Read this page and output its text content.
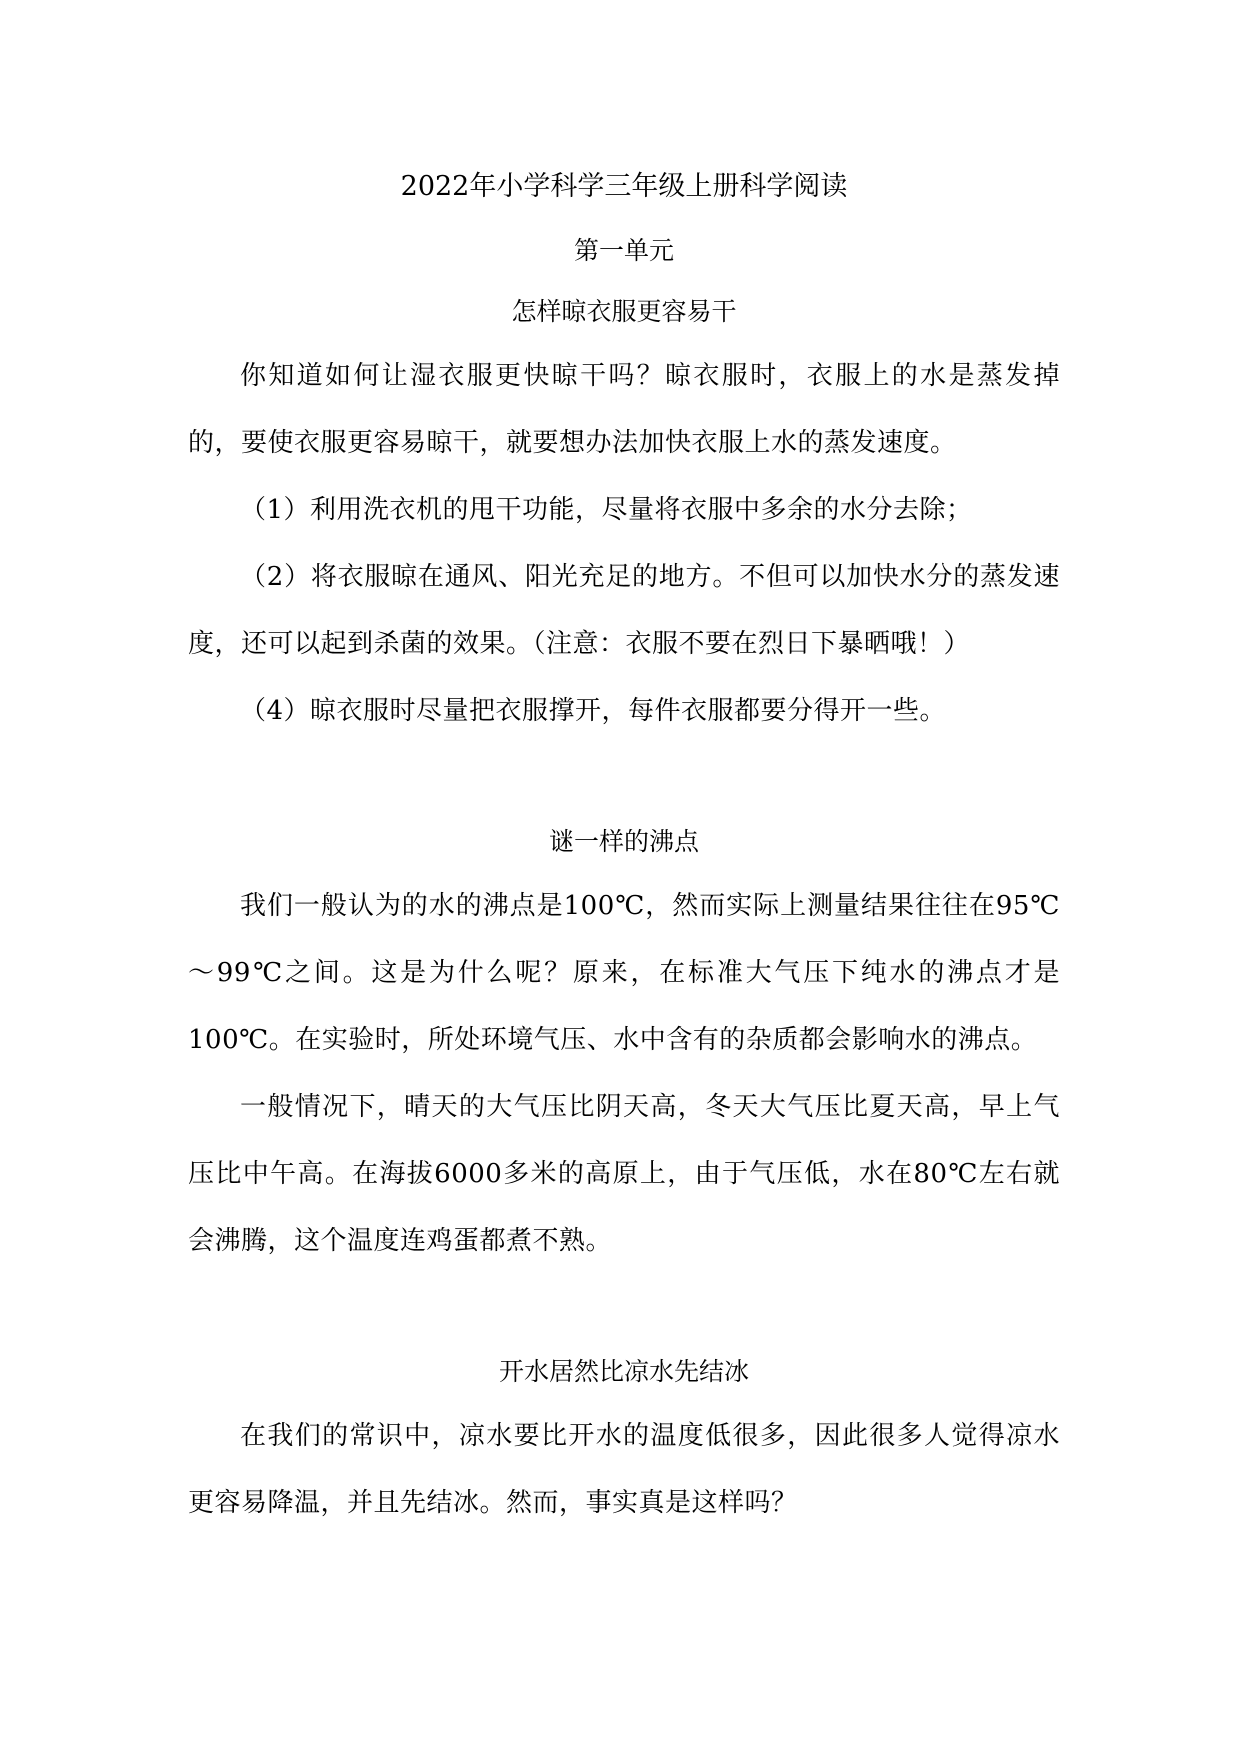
2022年小学科学三年级上册科学阅读
第一单元
怎样晾衣服更容易干

你知道如何让湿衣服更快晾干吗？晾衣服时，衣服上的水是蒸发掉的，要使衣服更容易晾干，就要想办法加快衣服上水的蒸发速度。

（1）利用洗衣机的甩干功能，尽量将衣服中多余的水分去除；

（2）将衣服晾在通风、阳光充足的地方。不但可以加快水分的蒸发速度，还可以起到杀菌的效果。（注意：衣服不要在烈日下暴晒哦！）

（4）晾衣服时尽量把衣服撑开，每件衣服都要分得开一些。

谜一样的沸点

我们一般认为的水的沸点是100℃，然而实际上测量结果往往在95℃～99℃之间。这是为什么呢？原来，在标准大气压下纯水的沸点才是100℃。在实验时，所处环境气压、水中含有的杂质都会影响水的沸点。

一般情况下，晴天的大气压比阴天高，冬天大气压比夏天高，早上气压比中午高。在海拔6000多米的高原上，由于气压低，水在80℃左右就会沸腾，这个温度连鸡蛋都煮不熟。

开水居然比凉水先结冰

在我们的常识中，凉水要比开水的温度低很多，因此很多人觉得凉水更容易降温，并且先结冰。然而，事实真是这样吗？
